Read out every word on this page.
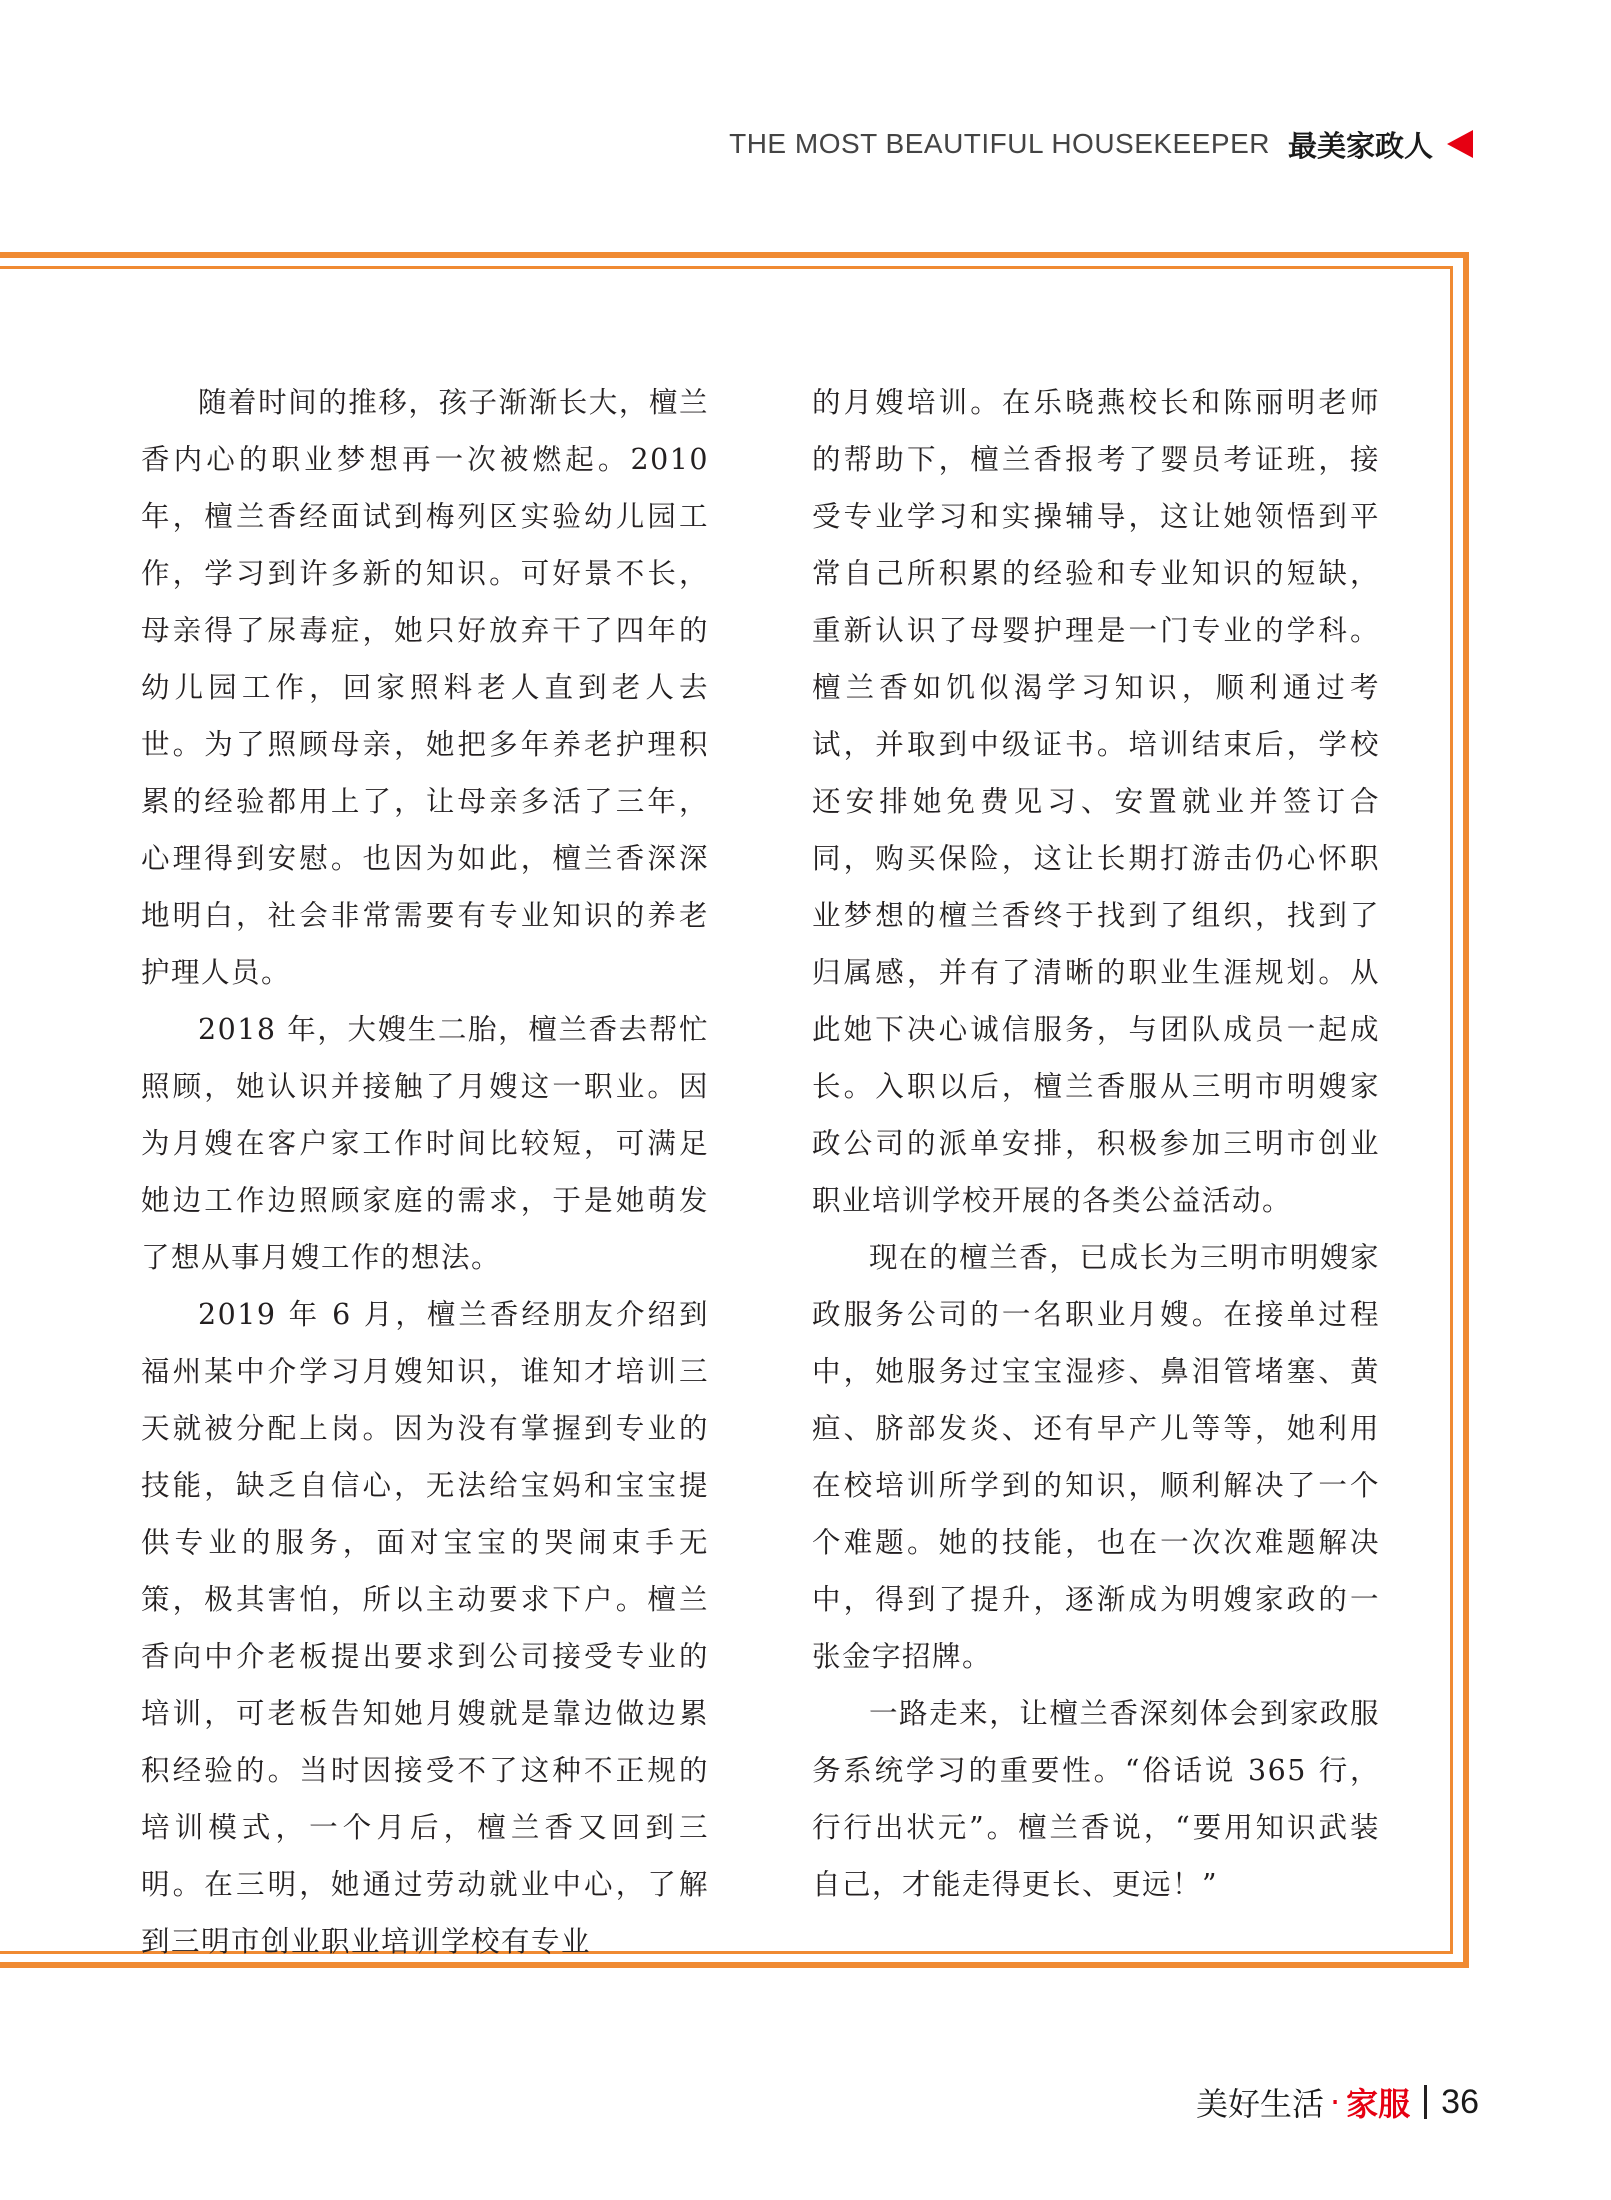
THE MOST BEAUTIFUL HOUSEKEEPER 最美家政人

随着时间的推移，孩子渐渐长大，檀兰香内心的职业梦想再一次被燃起。2010 年，檀兰香经面试到梅列区实验幼儿园工作，学习到许多新的知识。可好景不长，母亲得了尿毒症，她只好放弃干了四年的幼儿园工作，回家照料老人直到老人去世。为了照顾母亲，她把多年养老护理积累的经验都用上了，让母亲多活了三年，心理得到安慰。也因为如此，檀兰香深深地明白，社会非常需要有专业知识的养老护理人员。

2018 年，大嫂生二胎，檀兰香去帮忙照顾，她认识并接触了月嫂这一职业。因为月嫂在客户家工作时间比较短，可满足她边工作边照顾家庭的需求，于是她萌发了想从事月嫂工作的想法。

2019 年 6 月，檀兰香经朋友介绍到福州某中介学习月嫂知识，谁知才培训三天就被分配上岗。因为没有掌握到专业的技能，缺乏自信心，无法给宝妈和宝宝提供专业的服务，面对宝宝的哭闹束手无策，极其害怕，所以主动要求下户。檀兰香向中介老板提出要求到公司接受专业的培训，可老板告知她月嫂就是靠边做边累积经验的。当时因接受不了这种不正规的培训模式，一个月后，檀兰香又回到三明。在三明，她通过劳动就业中心，了解到三明市创业职业培训学校有专业

的月嫂培训。在乐晓燕校长和陈丽明老师的帮助下，檀兰香报考了婴员考证班，接受专业学习和实操辅导，这让她领悟到平常自己所积累的经验和专业知识的短缺，重新认识了母婴护理是一门专业的学科。檀兰香如饥似渴学习知识，顺利通过考试，并取到中级证书。培训结束后，学校还安排她免费见习、安置就业并签订合同，购买保险，这让长期打游击仍心怀职业梦想的檀兰香终于找到了组织，找到了归属感，并有了清晰的职业生涯规划。从此她下决心诚信服务，与团队成员一起成长。入职以后，檀兰香服从三明市明嫂家政公司的派单安排，积极参加三明市创业职业培训学校开展的各类公益活动。

现在的檀兰香，已成长为三明市明嫂家政服务公司的一名职业月嫂。在接单过程中，她服务过宝宝湿疹、鼻泪管堵塞、黄疸、脐部发炎、还有早产儿等等，她利用在校培训所学到的知识，顺利解决了一个个难题。她的技能，也在一次次难题解决中，得到了提升，逐渐成为明嫂家政的一张金字招牌。

一路走来，让檀兰香深刻体会到家政服务系统学习的重要性。“俗话说 365 行，行行出状元”。檀兰香说，“要用知识武装自己，才能走得更长、更远！”

美好生活 · 家服 36
